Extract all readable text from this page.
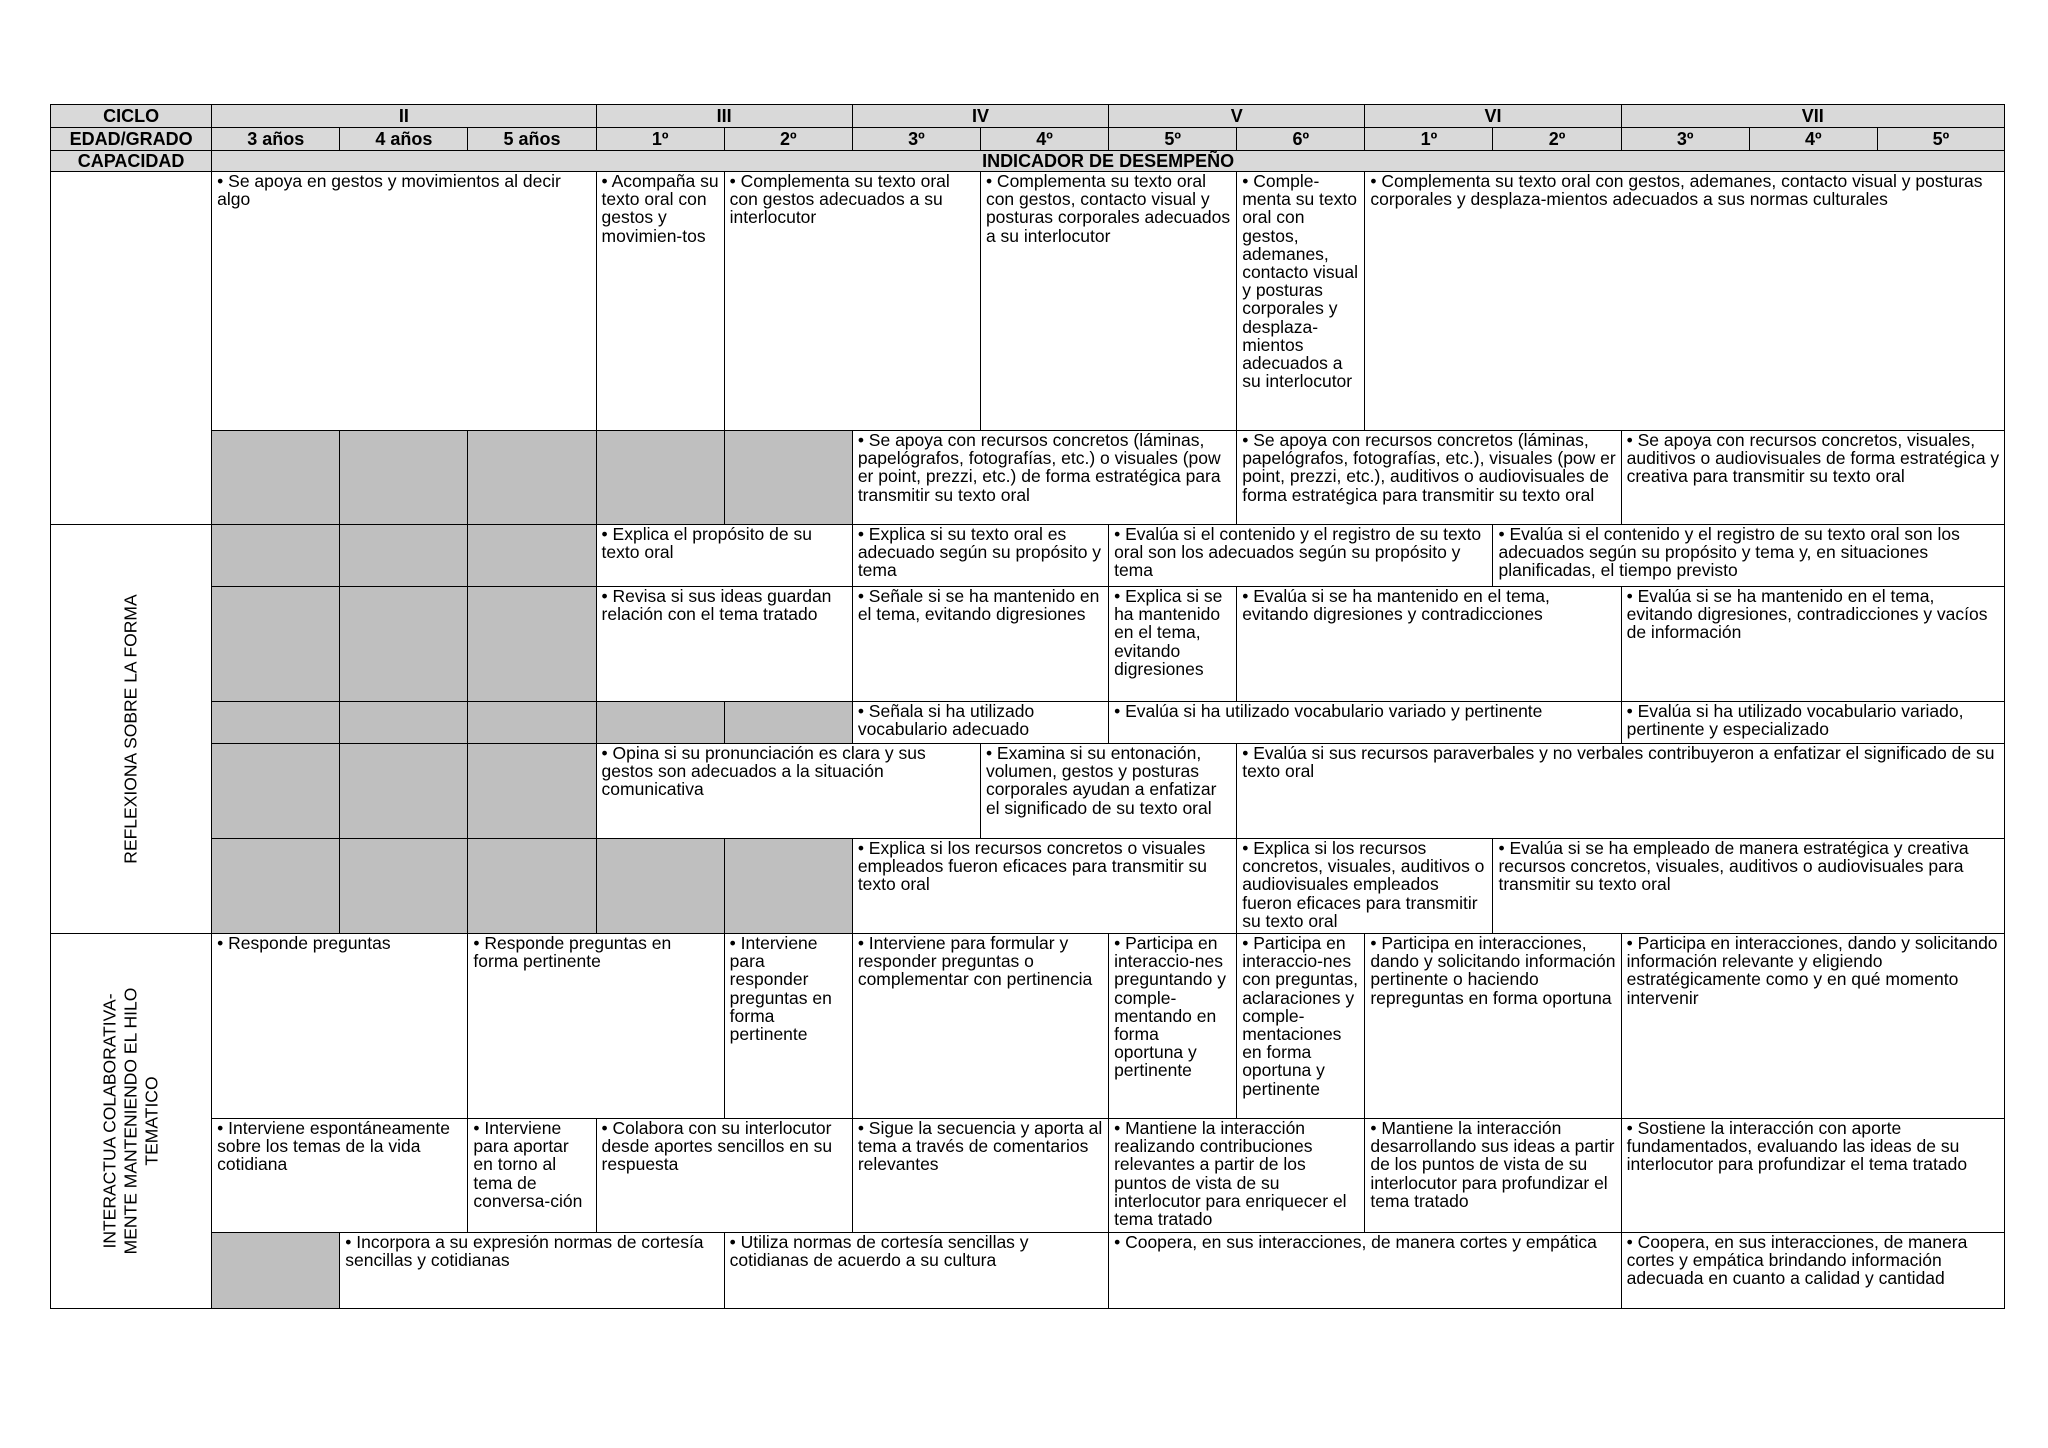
CICLO	II			III		IV		V		VI		VII		
EDAD/GRADO	3 años	4 años	5 años	1º	2º	3º	4º	5º	6º	1º	2º	3º	4º	5º
CAPACIDAD	INDICADOR DE DESEMPEÑO													
	• Se apoya en gestos y movimientos al decir algo			• Acompaña su texto oral con gestos y movimien-tos	• Complementa su texto oral con gestos adecuados a su interlocutor		• Complementa su texto oral con gestos, contacto visual y posturas corporales adecuados a su interlocutor		• Comple-menta su texto oral con gestos, ademanes, contacto visual y posturas corporales y desplaza-mientos adecuados a su interlocutor	• Complementa su texto oral con gestos, ademanes, contacto visual y posturas corporales y desplaza-mientos adecuados a sus normas culturales				
						• Se apoya con recursos concretos (láminas, papelógrafos, fotografías, etc.) o visuales (pow er point, prezzi, etc.) de forma estratégica para transmitir su texto oral			• Se apoya con recursos concretos (láminas, papelógrafos, fotografías, etc.), visuales (pow er point, prezzi, etc.), auditivos o audiovisuales de forma estratégica para transmitir su texto oral			• Se apoya con recursos concretos, visuales, auditivos o audiovisuales de forma estratégica y creativa para transmitir su texto oral		

REFLEXIONA SOBRE LA FORMA				• Explica el propósito de su texto oral		• Explica si su texto oral es adecuado según su propósito y tema		• Evalúa si el contenido y el registro de su texto oral son los adecuados según su propósito y tema			• Evalúa si el contenido y el registro de su texto oral son los adecuados según su propósito y tema y, en situaciones planificadas, el tiempo previsto			
				• Revisa si sus ideas guardan relación con el tema tratado		• Señale si se ha mantenido en el tema, evitando digresiones		• Explica si se ha mantenido en el tema, evitando digresiones	• Evalúa si se ha mantenido en el tema, evitando digresiones y contradicciones			• Evalúa si se ha mantenido en el tema, evitando digresiones, contradicciones y vacíos de información		
						• Señala si ha utilizado vocabulario adecuado		• Evalúa si ha utilizado vocabulario variado y pertinente				• Evalúa si ha utilizado vocabulario variado, pertinente y especializado		
				• Opina si su pronunciación es clara y sus gestos son adecuados a la situación comunicativa			• Examina si su entonación, volumen, gestos y posturas corporales ayudan a enfatizar el significado de su texto oral		• Evalúa si sus recursos paraverbales y no verbales contribuyeron a enfatizar el significado de su texto oral					
						• Explica si los recursos concretos o visuales empleados fueron eficaces para transmitir su texto oral			• Explica si los recursos concretos, visuales, auditivos o audiovisuales empleados fueron eficaces para transmitir su texto oral		• Evalúa si se ha empleado de manera estratégica y creativa recursos concretos, visuales, auditivos o audiovisuales para transmitir su texto oral			

INTERACTUA COLABORATIVA- MENTE MANTENIENDO EL HILO TEMATICO	• Responde preguntas		• Responde preguntas en forma pertinente		• Interviene para responder preguntas en forma pertinente	• Interviene para formular y responder preguntas o complementar con pertinencia		• Participa en interaccio-nes preguntando y comple-mentando en forma oportuna y pertinente	• Participa en interaccio-nes con preguntas, aclaraciones y comple-mentaciones en forma oportuna y pertinente	• Participa en interacciones, dando y solicitando información pertinente o haciendo repreguntas en forma oportuna		• Participa en interacciones, dando y solicitando información relevante y eligiendo estratégicamente como y en qué momento intervenir		
	• Interviene espontáneamente sobre los temas de la vida cotidiana		• Interviene para aportar en torno al tema de conversa-ción	• Colabora con su interlocutor desde aportes sencillos en su respuesta		• Sigue la secuencia y aporta al tema a través de comentarios relevantes		• Mantiene la interacción realizando contribuciones relevantes a partir de los puntos de vista de su interlocutor para enriquecer el tema tratado		• Mantiene la interacción desarrollando sus ideas a partir de los puntos de vista de su interlocutor para profundizar el tema tratado		• Sostiene la interacción con aporte fundamentados, evaluando las ideas de su interlocutor para profundizar el tema tratado		
		• Incorpora a su expresión normas de cortesía sencillas y cotidianas			• Utiliza normas de cortesía sencillas y cotidianas de acuerdo a su cultura			• Coopera, en sus interacciones, de manera cortes y empática				• Coopera, en sus interacciones, de manera cortes y empática brindando información adecuada en cuanto a calidad y cantidad		
